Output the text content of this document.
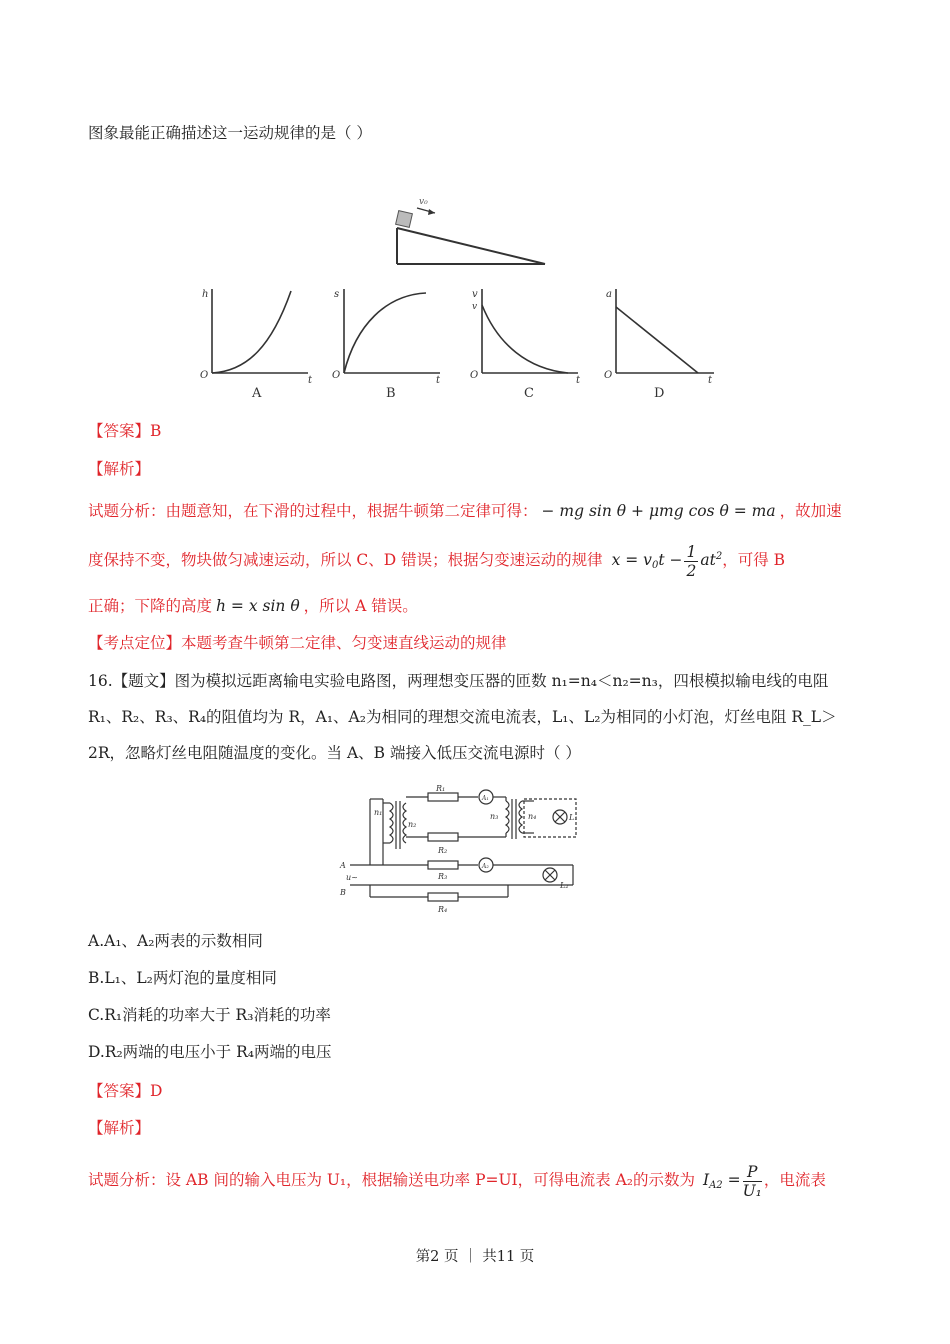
图象最能正确描述这一运动规律的是（ ）
v₀
h
O	t
A
s
O	t
B
v
v
O	t
C
a
O	t
D
【答案】B
【解析】
试题分析：由题意知，在下滑的过程中，根据牛顿第二定律可得： − mg sin θ + μmg cos θ = ma ，故加速
度保持不变，物块做匀减速运动，所以 C、D 错误；根据匀变速运动的规律 $x = v_0t - \frac{1}{2} at^2$，可得 B
正确；下降的高度 h = x sin θ ，所以 A 错误。
【考点定位】本题考查牛顿第二定律、匀变速直线运动的规律
16.【题文】图为模拟远距离输电实验电路图，两理想变压器的匝数 n₁=n₄＜n₂=n₃，四根模拟输电线的电阻
R₁、R₂、R₃、R₄的阻值均为 R，A₁、A₂为相同的理想交流电流表，L₁、L₂为相同的小灯泡，灯丝电阻 R_L＞
2R，忽略灯丝电阻随温度的变化。当 A、B 端接入低压交流电源时（ ）
R₁
R₂
R₃
R₄
n₁
n₂
n₃	n₄	L₁
L₂
A
B
u~
A₁
A₂
A.A₁、A₂两表的示数相同
B.L₁、L₂两灯泡的量度相同
C.R₁消耗的功率大于 R₃消耗的功率
D.R₂两端的电压小于 R₄两端的电压
【答案】D
【解析】
试题分析：设 AB 间的输入电压为 U₁，根据输送电功率 P=UI，可得电流表 A₂的示数为 $I_{A2} = \frac{P}{\text{U₁}}$ ，电流表
第2 页 ｜ 共11 页
